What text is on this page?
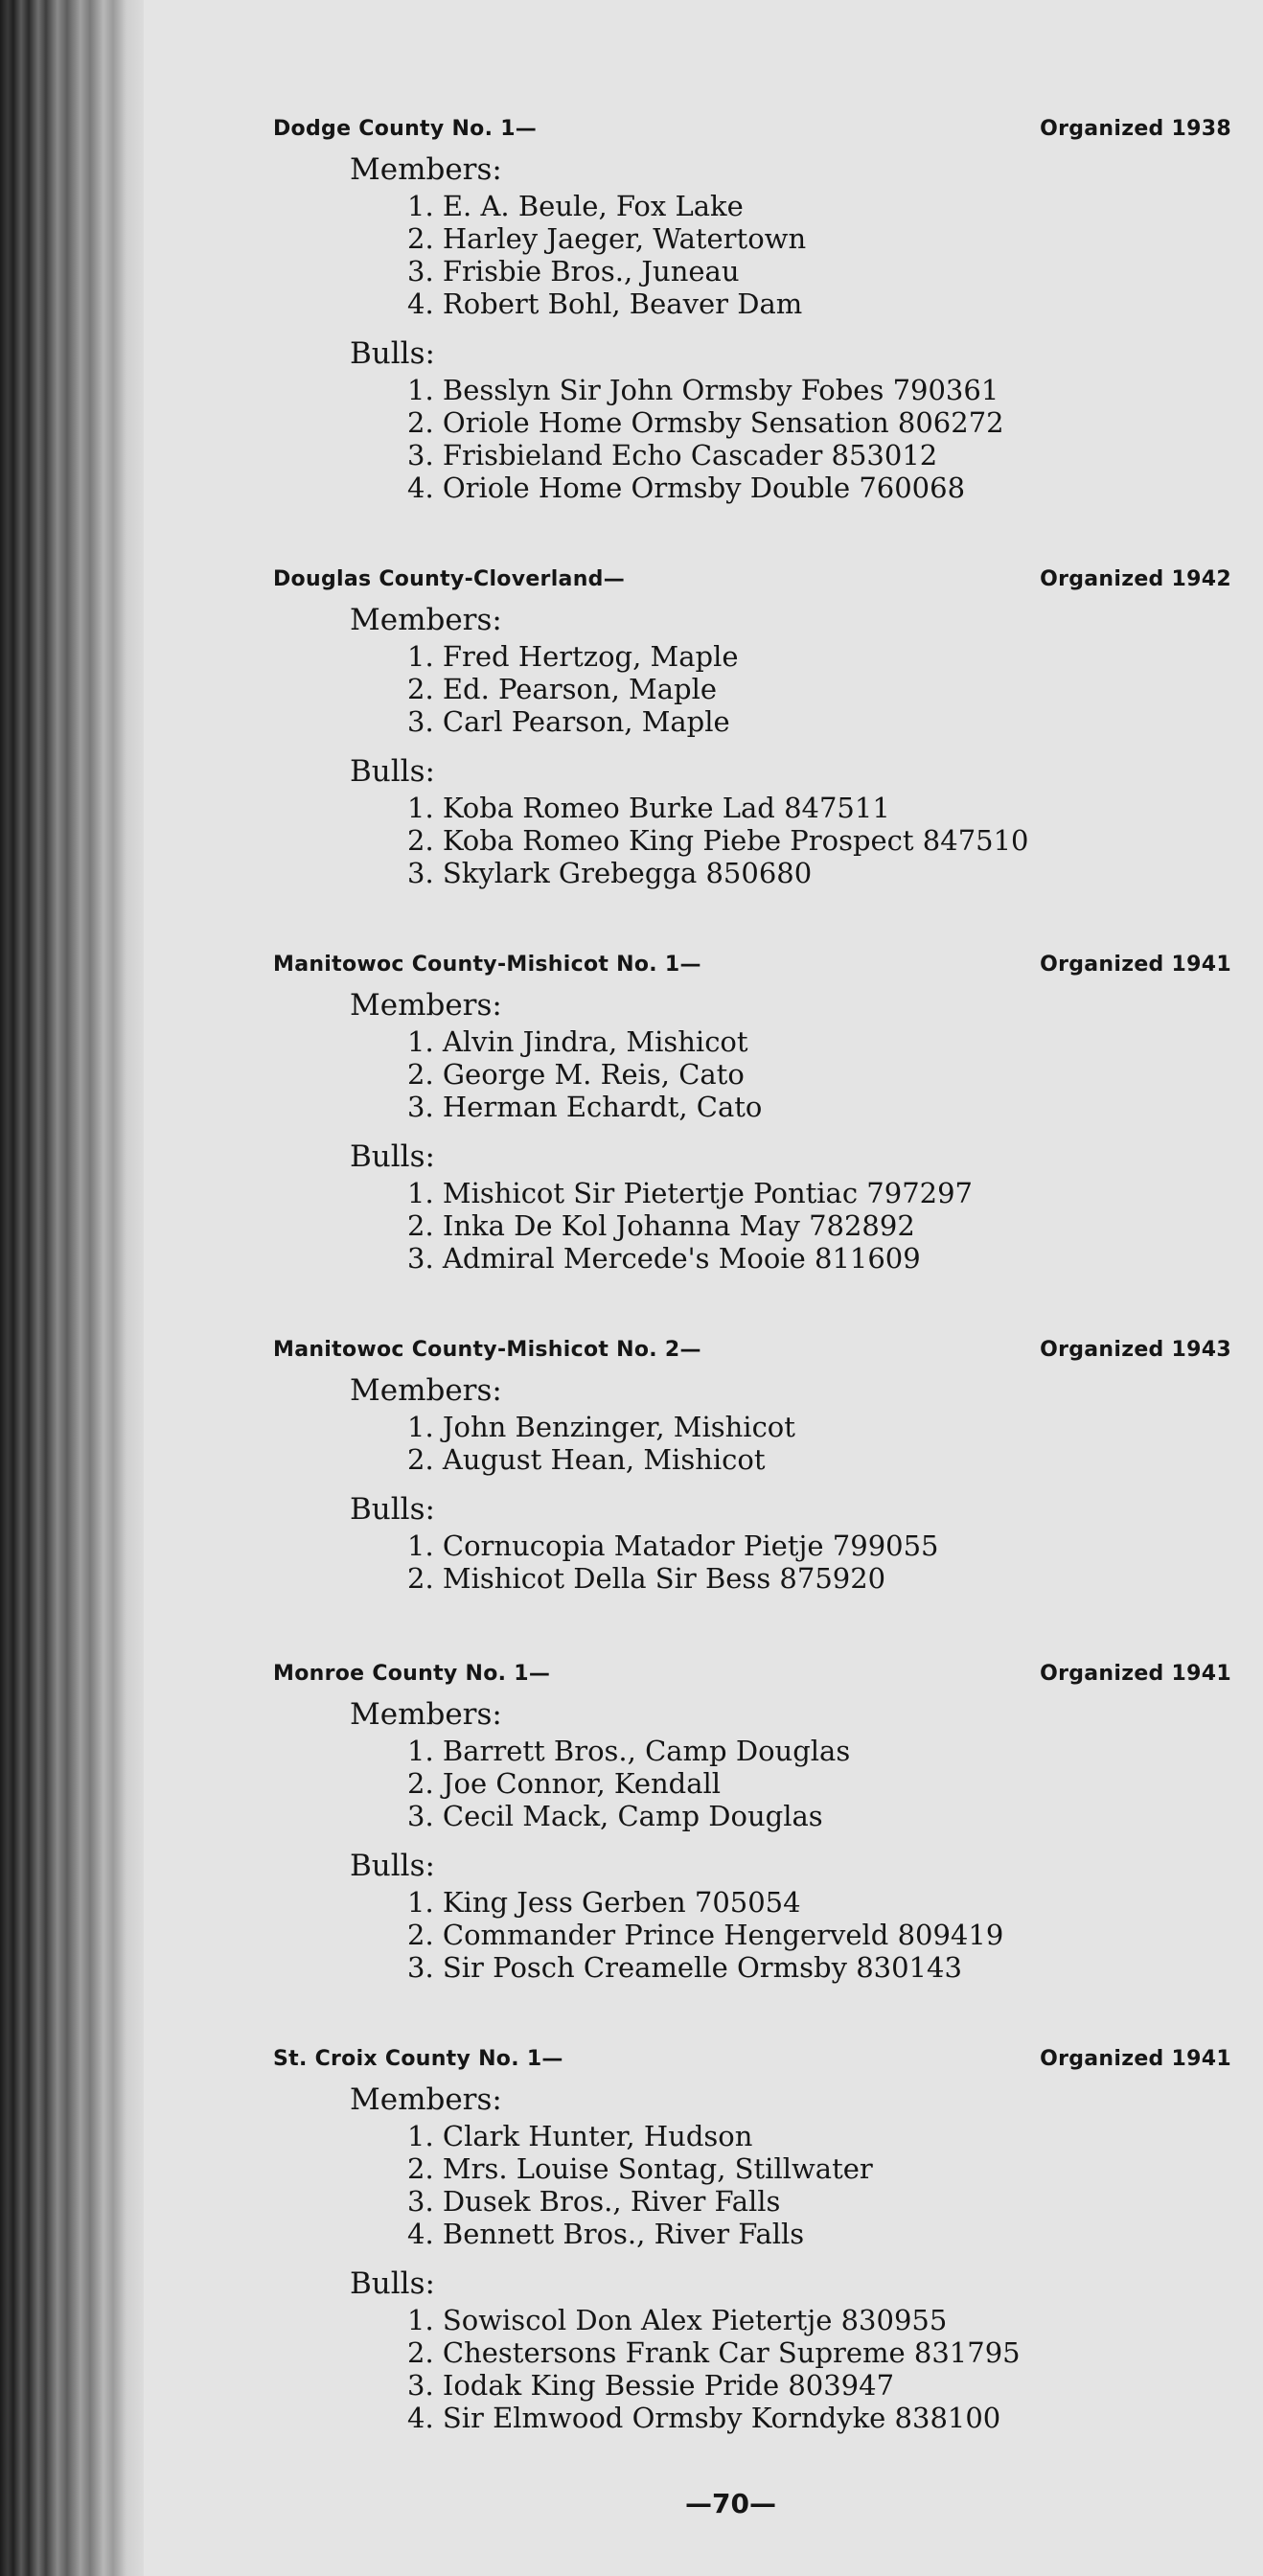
Dodge County No. 1—	Organized 1938
Members:
1. E. A. Beule, Fox Lake
2. Harley Jaeger, Watertown
3. Frisbie Bros., Juneau
4. Robert Bohl, Beaver Dam
Bulls:
1. Besslyn Sir John Ormsby Fobes 790361
2. Oriole Home Ormsby Sensation 806272
3. Frisbieland Echo Cascader 853012
4. Oriole Home Ormsby Double 760068
Douglas County-Cloverland—	Organized 1942
Members:
1. Fred Hertzog, Maple
2. Ed. Pearson, Maple
3. Carl Pearson, Maple
Bulls:
1. Koba Romeo Burke Lad 847511
2. Koba Romeo King Piebe Prospect 847510
3. Skylark Grebegga 850680
Manitowoc County-Mishicot No. 1—	Organized 1941
Members:
1. Alvin Jindra, Mishicot
2. George M. Reis, Cato
3. Herman Echardt, Cato
Bulls:
1. Mishicot Sir Pietertje Pontiac 797297
2. Inka De Kol Johanna May 782892
3. Admiral Mercede's Mooie 811609
Manitowoc County-Mishicot No. 2—	Organized 1943
Members:
1. John Benzinger, Mishicot
2. August Hean, Mishicot
Bulls:
1. Cornucopia Matador Pietje 799055
2. Mishicot Della Sir Bess 875920
Monroe County No. 1—	Organized 1941
Members:
1. Barrett Bros., Camp Douglas
2. Joe Connor, Kendall
3. Cecil Mack, Camp Douglas
Bulls:
1. King Jess Gerben 705054
2. Commander Prince Hengerveld 809419
3. Sir Posch Creamelle Ormsby 830143
St. Croix County No. 1—	Organized 1941
Members:
1. Clark Hunter, Hudson
2. Mrs. Louise Sontag, Stillwater
3. Dusek Bros., River Falls
4. Bennett Bros., River Falls
Bulls:
1. Sowiscol Don Alex Pietertje 830955
2. Chestersons Frank Car Supreme 831795
3. Iodak King Bessie Pride 803947
4. Sir Elmwood Ormsby Korndyke 838100
—70—
